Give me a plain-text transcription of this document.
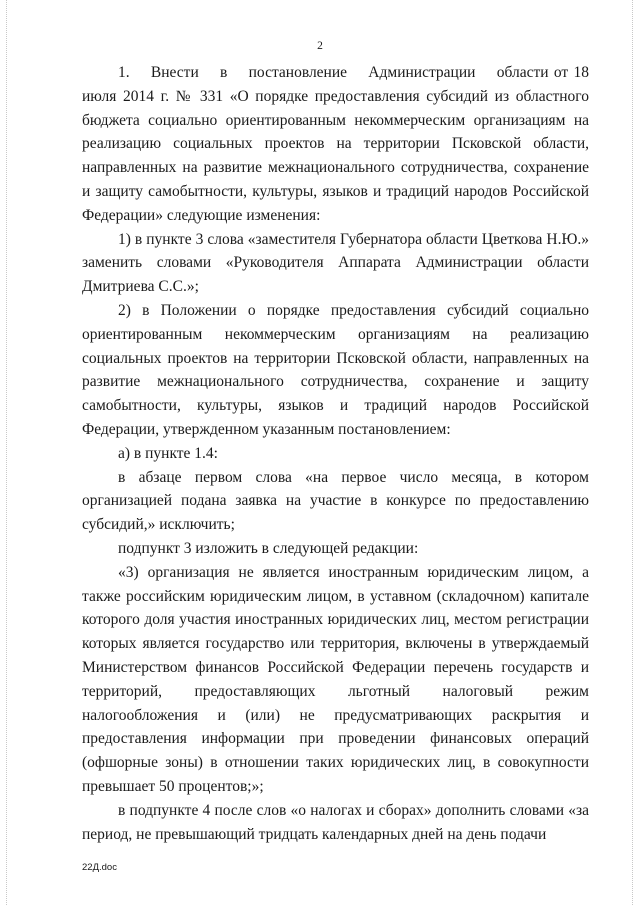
2

1.    Внести    в    постановление    Администрации    области от 18 июля 2014 г. № 331 «О порядке предоставления субсидий из областного бюджета социально ориентированным некоммерческим организациям на реализацию социальных проектов на территории Псковской области, направленных на развитие межнационального сотрудничества, сохранение и защиту самобытности, культуры, языков и традиций народов Российской Федерации» следующие изменения:

1) в пункте 3 слова «заместителя Губернатора области Цветкова Н.Ю.» заменить словами «Руководителя Аппарата Администрации области Дмитриева С.С.»;

2) в Положении о порядке предоставления субсидий социально ориентированным некоммерческим организациям на реализацию социальных проектов на территории Псковской области, направленных на развитие межнационального сотрудничества, сохранение и защиту самобытности, культуры, языков и традиций народов Российской Федерации, утвержденном указанным постановлением:

а) в пункте 1.4:

в абзаце первом слова «на первое число месяца, в котором организацией подана заявка на участие в конкурсе по предоставлению субсидий,» исключить;

подпункт 3 изложить в следующей редакции:

«3) организация не является иностранным юридическим лицом, а также российским юридическим лицом, в уставном (складочном) капитале которого доля участия иностранных юридических лиц, местом регистрации которых является государство или территория, включены в утверждаемый Министерством финансов Российской Федерации перечень государств и территорий, предоставляющих льготный налоговый режим налогообложения и (или) не предусматривающих раскрытия и предоставления информации при проведении финансовых операций (офшорные зоны) в отношении таких юридических лиц, в совокупности превышает 50 процентов;»;

в подпункте 4 после слов «о налогах и сборах» дополнить словами «за период, не превышающий тридцать календарных дней на день подачи

22Д.doc
